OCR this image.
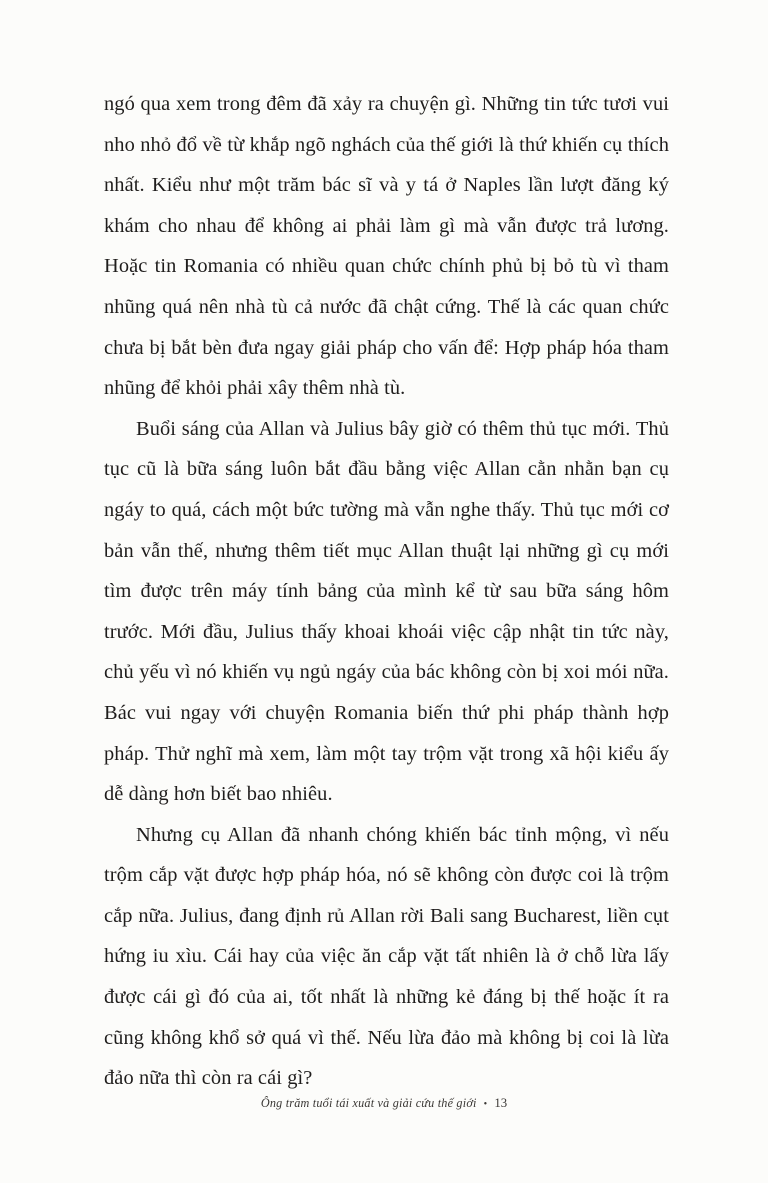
ngó qua xem trong đêm đã xảy ra chuyện gì. Những tin tức tươi vui nho nhỏ đổ về từ khắp ngõ nghách của thế giới là thứ khiến cụ thích nhất. Kiểu như một trăm bác sĩ và y tá ở Naples lần lượt đăng ký khám cho nhau để không ai phải làm gì mà vẫn được trả lương. Hoặc tin Romania có nhiều quan chức chính phủ bị bỏ tù vì tham nhũng quá nên nhà tù cả nước đã chật cứng. Thế là các quan chức chưa bị bắt bèn đưa ngay giải pháp cho vấn để: Hợp pháp hóa tham nhũng để khỏi phải xây thêm nhà tù.

Buổi sáng của Allan và Julius bây giờ có thêm thủ tục mới. Thủ tục cũ là bữa sáng luôn bắt đầu bằng việc Allan cằn nhằn bạn cụ ngáy to quá, cách một bức tường mà vẫn nghe thấy. Thủ tục mới cơ bản vẫn thế, nhưng thêm tiết mục Allan thuật lại những gì cụ mới tìm được trên máy tính bảng của mình kể từ sau bữa sáng hôm trước. Mới đầu, Julius thấy khoai khoái việc cập nhật tin tức này, chủ yếu vì nó khiến vụ ngủ ngáy của bác không còn bị xoi mói nữa. Bác vui ngay với chuyện Romania biến thứ phi pháp thành hợp pháp. Thử nghĩ mà xem, làm một tay trộm vặt trong xã hội kiểu ấy dễ dàng hơn biết bao nhiêu.

Nhưng cụ Allan đã nhanh chóng khiến bác tỉnh mộng, vì nếu trộm cắp vặt được hợp pháp hóa, nó sẽ không còn được coi là trộm cắp nữa. Julius, đang định rủ Allan rời Bali sang Bucharest, liền cụt hứng iu xìu. Cái hay của việc ăn cắp vặt tất nhiên là ở chỗ lừa lấy được cái gì đó của ai, tốt nhất là những kẻ đáng bị thế hoặc ít ra cũng không khổ sở quá vì thế. Nếu lừa đảo mà không bị coi là lừa đảo nữa thì còn ra cái gì?

Ông trăm tuổi tái xuất và giải cứu thế giới • 13
